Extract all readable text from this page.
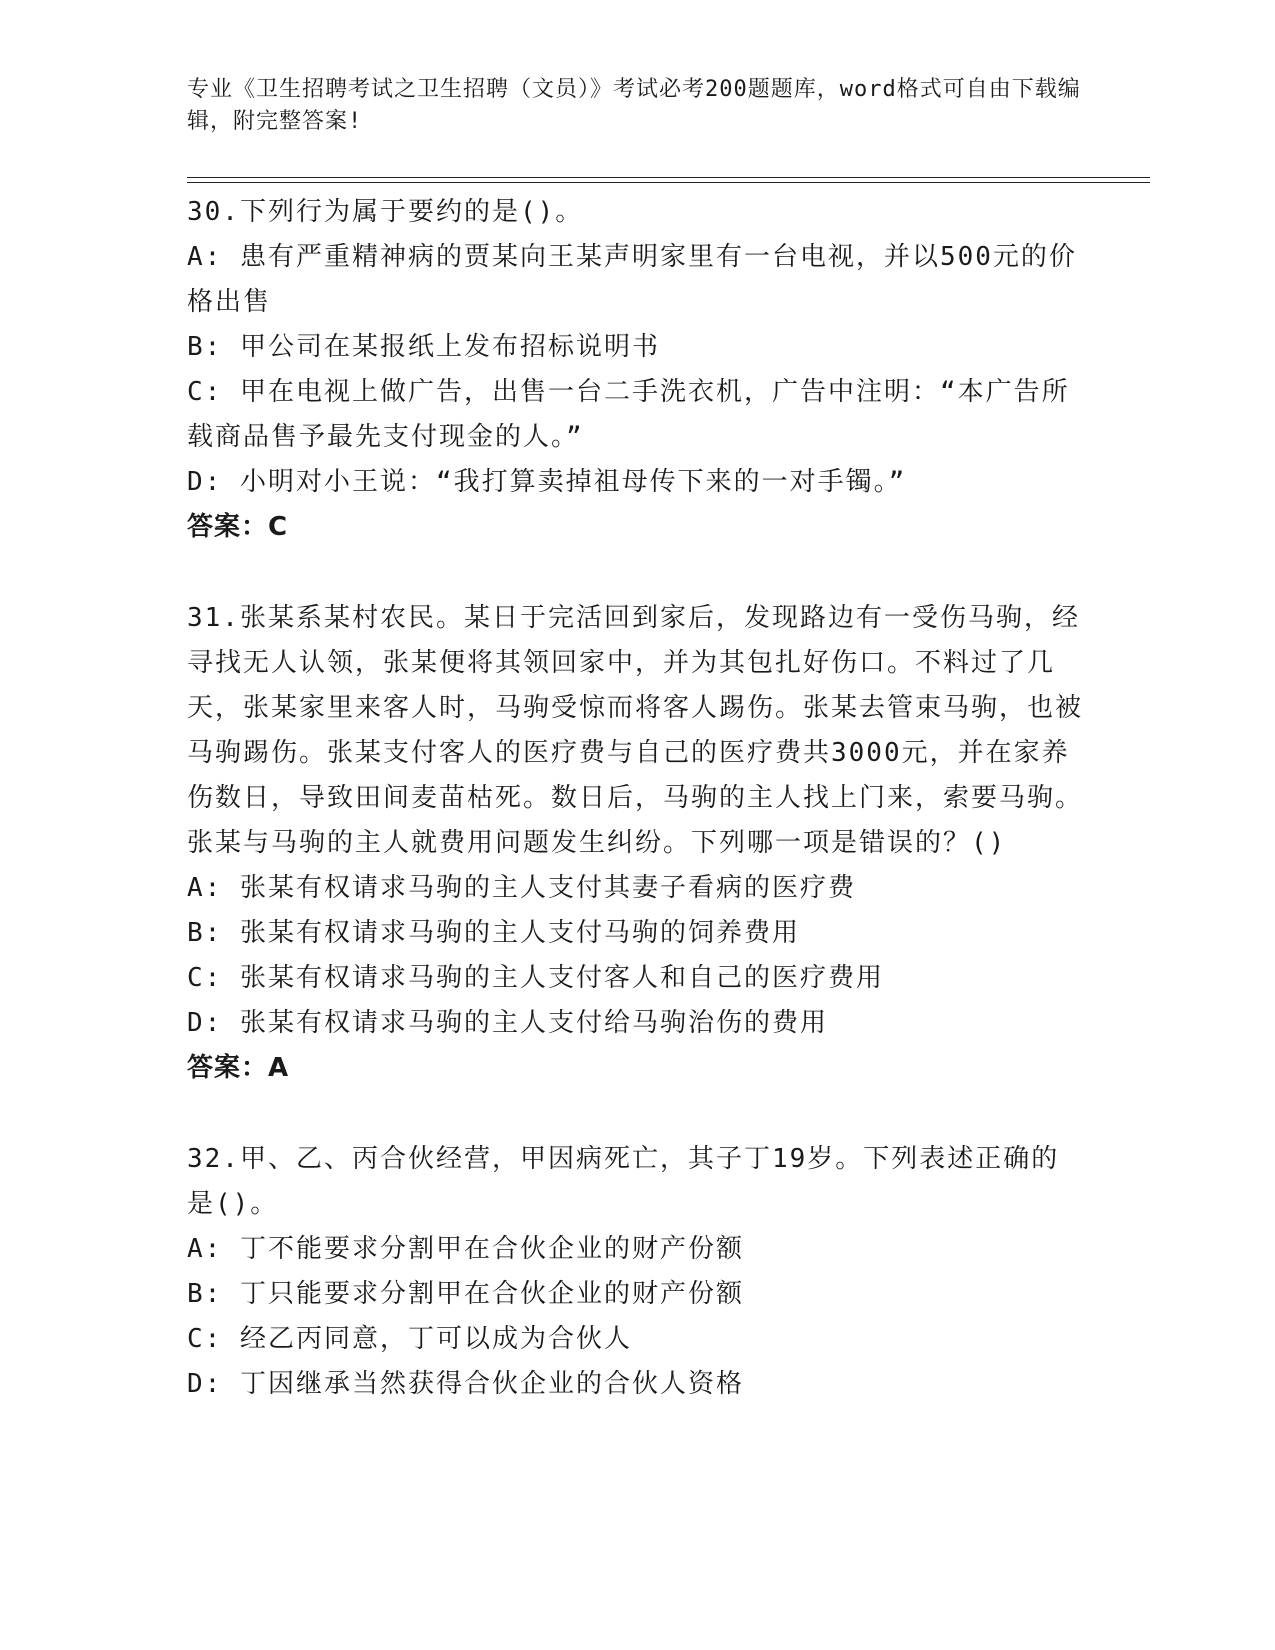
专业《卫生招聘考试之卫生招聘（文员）》考试必考200题题库，word格式可自由下载编辑，附完整答案!
30.下列行为属于要约的是()。
A: 患有严重精神病的贾某向王某声明家里有一台电视，并以500元的价格出售
B: 甲公司在某报纸上发布招标说明书
C: 甲在电视上做广告，出售一台二手洗衣机，广告中注明：“本广告所载商品售予最先支付现金的人。”
D: 小明对小王说：“我打算卖掉祖母传下来的一对手镯。”
答案：C
31.张某系某村农民。某日于完活回到家后，发现路边有一受伤马驹，经寻找无人认领，张某便将其领回家中，并为其包扎好伤口。不料过了几天，张某家里来客人时，马驹受惊而将客人踢伤。张某去管束马驹，也被马驹踢伤。张某支付客人的医疗费与自己的医疗费共3000元，并在家养伤数日，导致田间麦苗枯死。数日后，马驹的主人找上门来，索要马驹。张某与马驹的主人就费用问题发生纠纷。下列哪一项是错误的？()
A: 张某有权请求马驹的主人支付其妻子看病的医疗费
B: 张某有权请求马驹的主人支付马驹的饲养费用
C: 张某有权请求马驹的主人支付客人和自己的医疗费用
D: 张某有权请求马驹的主人支付给马驹治伤的费用
答案：A
32.甲、乙、丙合伙经营，甲因病死亡，其子丁19岁。下列表述正确的是()。
A: 丁不能要求分割甲在合伙企业的财产份额
B: 丁只能要求分割甲在合伙企业的财产份额
C: 经乙丙同意，丁可以成为合伙人
D: 丁因继承当然获得合伙企业的合伙人资格
